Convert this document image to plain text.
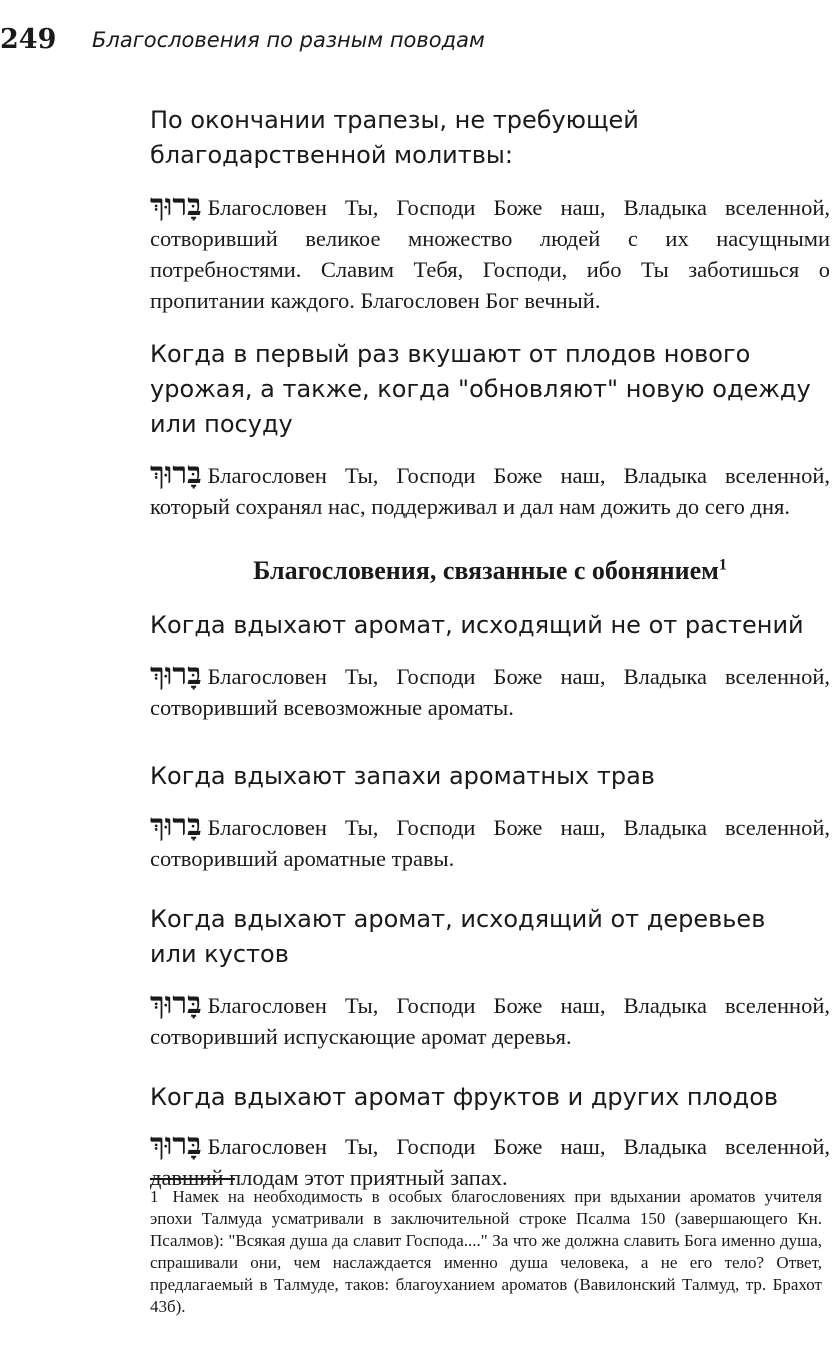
249 Благословения по разным поводам

По окончании трапезы, не требующей благодарственной молитвы:

בָּרוּךְ Благословен Ты, Господи Боже наш, Владыка вселенной, сотворивший великое множество людей с их насущными потребностями. Славим Тебя, Господи, ибо Ты заботишься о пропитании каждого. Благословен Бог вечный.

Когда в первый раз вкушают от плодов нового урожая, а также, когда "обновляют" новую одежду или посуду

בָּרוּךְ Благословен Ты, Господи Боже наш, Владыка вселенной, который сохранял нас, поддерживал и дал нам дожить до сего дня.

Благословения, связанные с обонянием$^1$

Когда вдыхают аромат, исходящий не от растений

בָּרוּךְ Благословен Ты, Господи Боже наш, Владыка вселенной, сотворивший всевозможные ароматы.

Когда вдыхают запахи ароматных трав

בָּרוּךְ Благословен Ты, Господи Боже наш, Владыка вселенной, сотворивший ароматные травы.

Когда вдыхают аромат, исходящий от деревьев или кустов

בָּרוּךְ Благословен Ты, Господи Боже наш, Владыка вселенной, сотворивший испускающие аромат деревья.

Когда вдыхают аромат фруктов и других плодов

בָּרוּךְ Благословен Ты, Господи Боже наш, Владыка вселенной, давший плодам этот приятный запах.

1 Намек на необходимость в особых благословениях при вдыхании ароматов учителя эпохи Талмуда усматривали в заключительной строке Псалма 150 (завершающего Кн. Псалмов): "Всякая душа да славит Господа...." За что же должна славить Бога именно душа, спрашивали они, чем наслаждается именно душа человека, а не его тело? Ответ, предлагаемый в Талмуде, таков: благоуханием ароматов (Вавилонский Талмуд, тр. Брахот 43б).
